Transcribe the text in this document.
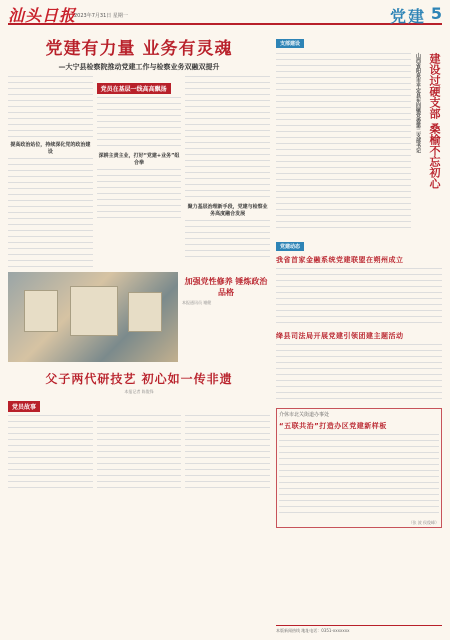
汕头日报
2023年7月31日 星期一	党建 5
党建有力量 业务有灵魂
—大宁县检察院推动党建工作与检察业务双融双提升
提高政治站位，持续深化党的政治建设
党员在基层一线高高飘扬
深耕主责主业，打好“党建+业务”组合拳
聚力基层治理新手段，党建与检察业务高度融合发展
加强党性修养 锤炼政治品格
本报通讯员 谢健
父子两代研技艺 初心如一传非遗
本报记者 陈俊锋
党员故事
支部建设
山西省阳泉市平定县东回镇党委第二支部书记 建设过硬支部 桑榆不忘初心
党建动态
我省首家金融系统党建联盟在朔州成立
绛县司法局开展党建引领团建主题活动
介休市北关街道办事处
“五联共治”打造办区党建新样板
（张 波 侯俊峰）
本版新闻热线 地址电话：0351-xxxxxxx
